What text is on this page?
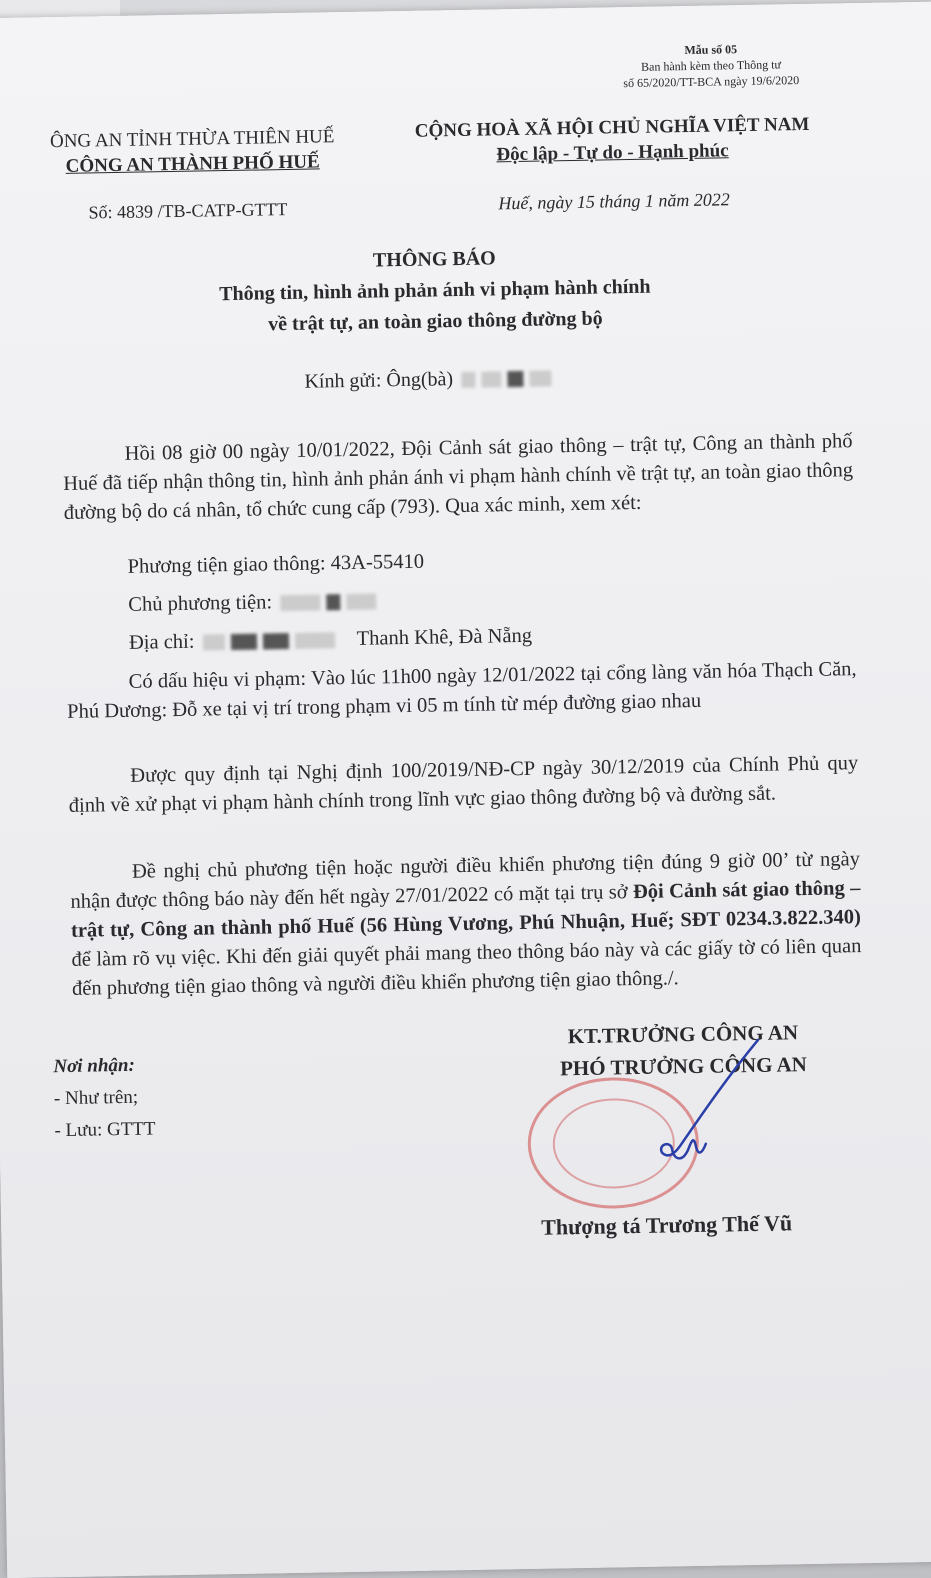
Mẫu số 05
Ban hành kèm theo Thông tư
số 65/2020/TT-BCA ngày 19/6/2020
ÔNG AN TỈNH THỪA THIÊN HUẾ
CÔNG AN THÀNH PHỐ HUẾ
CỘNG HOÀ XÃ HỘI CHỦ NGHĨA VIỆT NAM
Độc lập - Tự do - Hạnh phúc
Số: 4839 /TB-CATP-GTTT	Huế, ngày 15 tháng 1 năm 2022
THÔNG BÁO
Thông tin, hình ảnh phản ánh vi phạm hành chính
về trật tự, an toàn giao thông đường bộ
Kính gửi: Ông(bà)
Hồi 08 giờ 00 ngày 10/01/2022, Đội Cảnh sát giao thông – trật tự, Công an thành phố Huế đã tiếp nhận thông tin, hình ảnh phản ánh vi phạm hành chính về trật tự, an toàn giao thông đường bộ do cá nhân, tổ chức cung cấp (793). Qua xác minh, xem xét:
Phương tiện giao thông: 43A-55410
Chủ phương tiện:
Địa chỉ:	Thanh Khê, Đà Nẵng
Có dấu hiệu vi phạm: Vào lúc 11h00 ngày 12/01/2022 tại cổng làng văn hóa Thạch Căn, Phú Dương: Đỗ xe tại vị trí trong phạm vi 05 m tính từ mép đường giao nhau
Được quy định tại Nghị định 100/2019/NĐ-CP ngày 30/12/2019 của Chính Phủ quy định về xử phạt vi phạm hành chính trong lĩnh vực giao thông đường bộ và đường sắt.
Đề nghị chủ phương tiện hoặc người điều khiển phương tiện đúng 9 giờ 00’ từ ngày nhận được thông báo này đến hết ngày 27/01/2022 có mặt tại trụ sở Đội Cảnh sát giao thông – trật tự, Công an thành phố Huế (56 Hùng Vương, Phú Nhuận, Huế; SĐT 0234.3.822.340) để làm rõ vụ việc. Khi đến giải quyết phải mang theo thông báo này và các giấy tờ có liên quan đến phương tiện giao thông và người điều khiển phương tiện giao thông./.
Nơi nhận:
- Như trên;
- Lưu: GTTT
KT.TRƯỞNG CÔNG AN
PHÓ TRƯỞNG CÔNG AN
Thượng tá Trương Thế Vũ
